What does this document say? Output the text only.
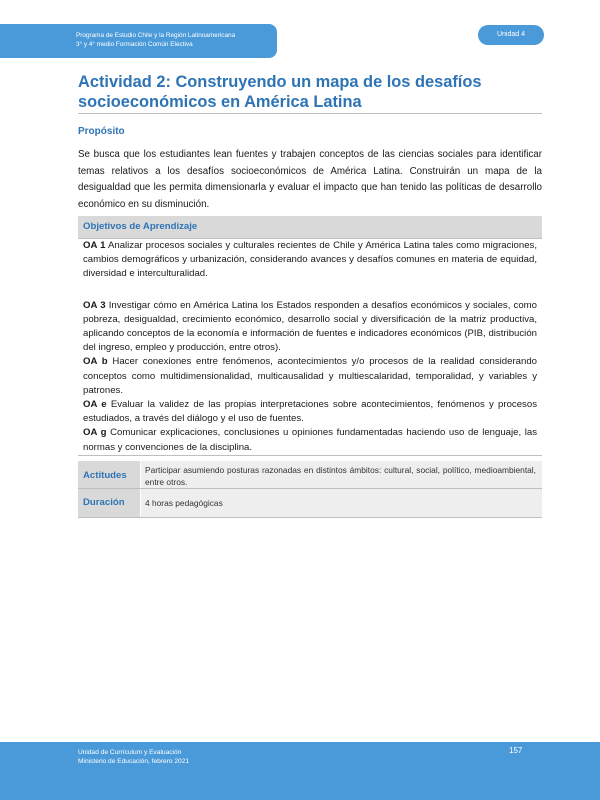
Programa de Estudio Chile y la Región Latinoamericana
3° y 4° medio Formación Común Electiva
Unidad 4
Actividad 2: Construyendo un mapa de los desafíos socioeconómicos en América Latina
Propósito

Se busca que los estudiantes lean fuentes y trabajen conceptos de las ciencias sociales para identificar temas relativos a los desafíos socioeconómicos de América Latina. Construirán un mapa de la desigualdad que les permita dimensionarla y evaluar el impacto que han tenido las políticas de desarrollo económico en su disminución.

Objetivos de Aprendizaje

OA 1 Analizar procesos sociales y culturales recientes de Chile y América Latina tales como migraciones, cambios demográficos y urbanización, considerando avances y desafíos comunes en materia de equidad, diversidad e interculturalidad.

OA 3 Investigar cómo en América Latina los Estados responden a desafíos económicos y sociales, como pobreza, desigualdad, crecimiento económico, desarrollo social y diversificación de la matriz productiva, aplicando conceptos de la economía e información de fuentes e indicadores económicos (PIB, distribución del ingreso, empleo y producción, entre otros).

OA b Hacer conexiones entre fenómenos, acontecimientos y/o procesos de la realidad considerando conceptos como multidimensionalidad, multicausalidad y multiescalaridad, temporalidad, y variables y patrones.

OA e Evaluar la validez de las propias interpretaciones sobre acontecimientos, fenómenos y procesos estudiados, a través del diálogo y el uso de fuentes.

OA g Comunicar explicaciones, conclusiones u opiniones fundamentadas haciendo uso de lenguaje, las normas y convenciones de la disciplina.

Actitudes Participar asumiendo posturas razonadas en distintos ámbitos: cultural, social, político, medioambiental, entre otros.
Duración 4 horas pedagógicas
Unidad de Currículum y Evaluación
Ministerio de Educación, febrero 2021
157
